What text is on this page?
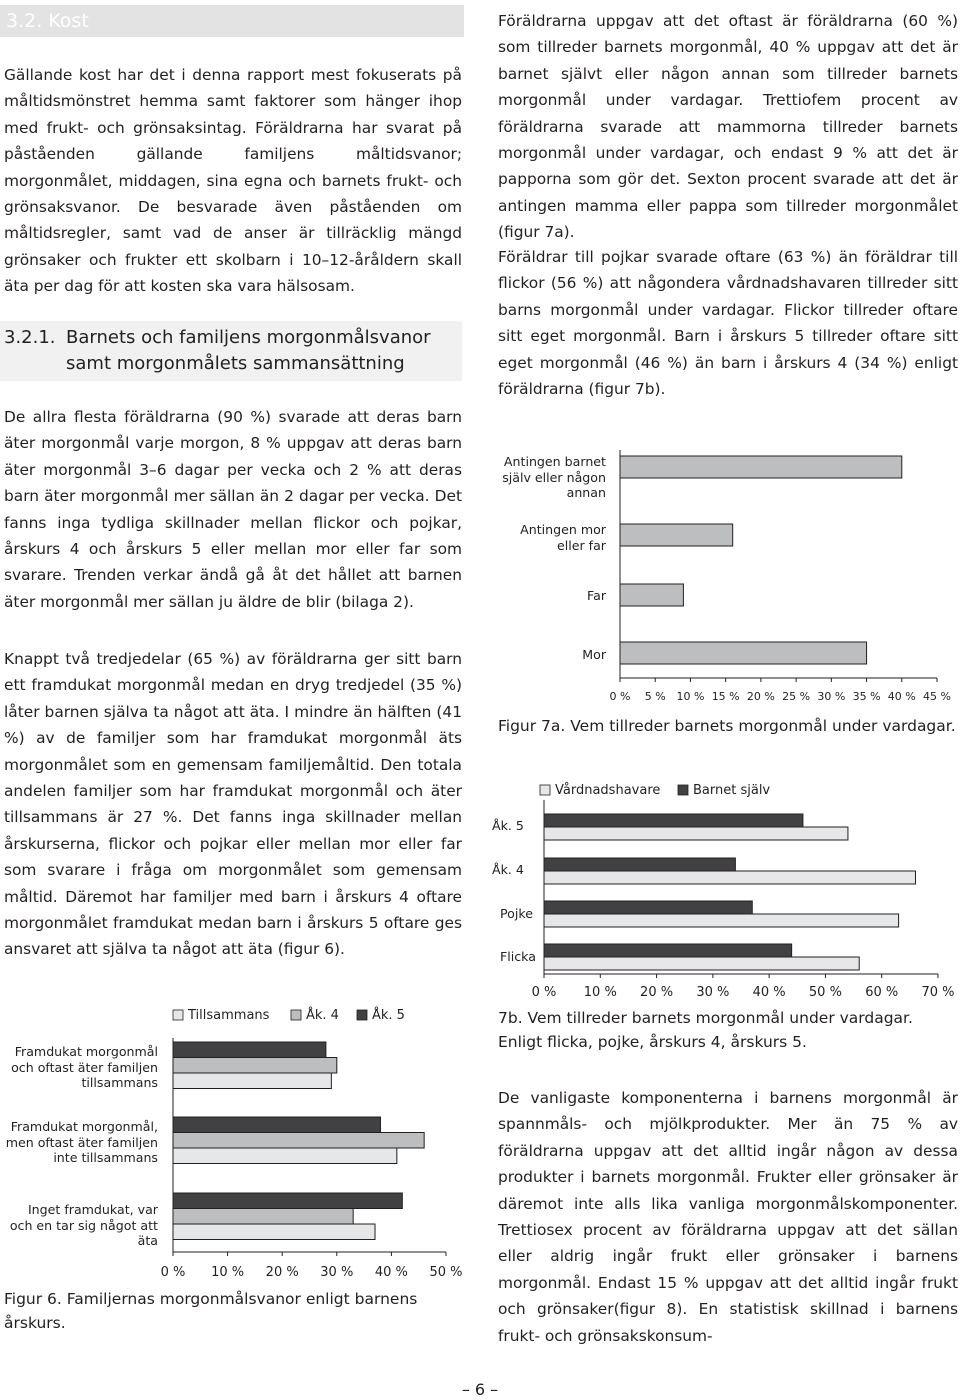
3.2. Kost

Gällande kost har det i denna rapport mest fokuserats på måltidsmönstret hemma samt faktorer som hänger ihop med frukt- och grönsaksintag. Föräldrarna har svarat på påståenden gällande familjens måltidsvanor; morgonmålet, middagen, sina egna och barnets frukt- och grönsaksvanor. De besvarade även påståenden om måltidsregler, samt vad de anser är tillräcklig mängd grönsaker och frukter ett skolbarn i 10–12-åråldern skall äta per dag för att kosten ska vara hälsosam.

3.2.1. Barnets och familjens morgonmålsvanor
samt morgonmålets sammansättning

De allra flesta föräldrarna (90 %) svarade att deras barn äter morgonmål varje morgon, 8 % uppgav att deras barn äter morgonmål 3–6 dagar per vecka och 2 % att deras barn äter morgonmål mer sällan än 2 dagar per vecka. Det fanns inga tydliga skillnader mellan flickor och pojkar, årskurs 4 och årskurs 5 eller mellan mor eller far som svarare. Trenden verkar ändå gå åt det hållet att barnen äter morgonmål mer sällan ju äldre de blir (bilaga 2).

Knappt två tredjedelar (65 %) av föräldrarna ger sitt barn ett framdukat morgonmål medan en dryg tredjedel (35 %) låter barnen själva ta något att äta. I mindre än hälften (41 %) av de familjer som har framdukat morgonmål äts morgonmålet som en gemensam familjemåltid. Den totala andelen familjer som har framdukat morgonmål och äter tillsammans är 27 %. Det fanns inga skillnader mellan årskurserna, flickor och pojkar eller mellan mor eller far som svarare i fråga om morgonmålet som gemensam måltid. Däremot har familjer med barn i årskurs 4 oftare morgonmålet framdukat medan barn i årskurs 5 oftare ges ansvaret att själva ta något att äta (figur 6).

Framdukat morgonmål och oftast äter familjen tillsammans
Framdukat morgonmål, men oftast äter familjen inte tillsammans
Inget framdukat, var och en tar sig något att äta
Tillsammans	Åk. 4	Åk. 5
0 % 10 % 20 % 30 % 40 % 50 %
Figur 6. Familjernas morgonmålsvanor enligt barnens årskurs.

Föräldrarna uppgav att det oftast är föräldrarna (60 %) som tillreder barnets morgonmål, 40 % uppgav att det är barnet självt eller någon annan som tillreder barnets morgonmål under vardagar. Trettiofem procent av föräldrarna svarade att mammorna tillreder barnets morgonmål under vardagar, och endast 9 % att det är papporna som gör det. Sexton procent svarade att det är antingen mamma eller pappa som tillreder morgonmålet (figur 7a).

Föräldrar till pojkar svarade oftare (63 %) än föräldrar till flickor (56 %) att någondera vårdnadshavaren tillreder sitt barns morgonmål under vardagar. Flickor tillreder oftare sitt eget morgonmål. Barn i årskurs 5 tillreder oftare sitt eget morgonmål (46 %) än barn i årskurs 4 (34 %) enligt föräldrarna (figur 7b).

Antingen barnet själv eller någon annan
Antingen mor eller far
Far
Mor
0 % 5 % 10 % 15 % 20 % 25 % 30 % 35 % 40 % 45 %
Figur 7a. Vem tillreder barnets morgonmål under vardagar.
Åk. 5
Åk. 4
Pojke
Flicka
Vårdnadshavare	Barnet själv
0 % 10 % 20 % 30 % 40 % 50 % 60 % 70 %
7b. Vem tillreder barnets morgonmål under vardagar. Enligt flicka, pojke, årskurs 4, årskurs 5.

De vanligaste komponenterna i barnens morgonmål är spannmåls- och mjölkprodukter. Mer än 75 % av föräldrarna uppgav att det alltid ingår någon av dessa produkter i barnets morgonmål. Frukter eller grönsaker är däremot inte alls lika vanliga morgonmålskomponenter. Trettiosex procent av föräldrarna uppgav att det sällan eller aldrig ingår frukt eller grönsaker i barnens morgonmål. Endast 15 % uppgav att det alltid ingår frukt och grönsaker(figur 8). En statistisk skillnad i barnens frukt- och grönsakskonsum-

– 6 –
